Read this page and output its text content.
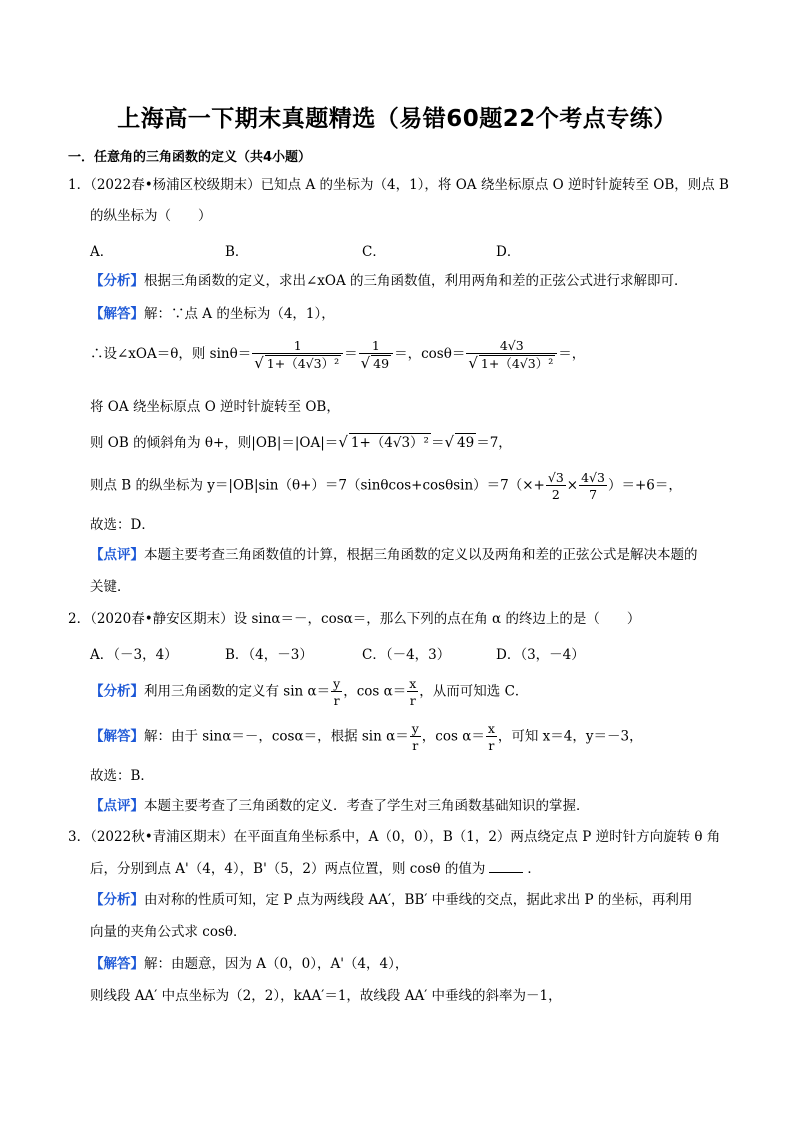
上海高一下期末真题精选（易错60题22个考点专练）
一．任意角的三角函数的定义（共4小题）
1．（2022春•杨浦区校级期末）已知点 A 的坐标为（4，1），将 OA 绕坐标原点 O 逆时针旋转至 OB，则点 B
的纵坐标为（　　）
A．	B．	C．	D．
【分析】根据三角函数的定义，求出∠xOA 的三角函数值，利用两角和差的正弦公式进行求解即可．
【解答】解：∵点 A 的坐标为（4，1），
∴设∠xOA＝θ，则 $\sin\theta= \frac{1}{\text{√ 1+（4√3）²}} = \frac{1}{√ 49}$ ＝，$\cos\theta= \frac{4√3}{\text{√ 1+（4√3）²}}$ ＝，
将 OA 绕坐标原点 O 逆时针旋转至 OB，
则 OB 的倾斜角为 θ+，则|OB|＝|OA|＝√ 1+（4√3）² ＝√ 49 ＝7，
则点 B 的纵坐标为 $y=|OB|\sin(\theta+)=7(\sin\theta\cos+\cos\theta\sin)=7(\times+ \frac{√3}{2} \times \frac{4√3}{7} )=+6=$，
故选：D．
【点评】本题主要考查三角函数值的计算，根据三角函数的定义以及两角和差的正弦公式是解决本题的
关键．
2．（2020春•静安区期末）设 sinα＝－，cosα＝，那么下列的点在角 α 的终边上的是（　　）
A．（－3，4）	B．（4，－3）	C．（－4，3）	D．（3，－4）
【分析】利用三角函数的定义有 $\sin \alpha= \frac{y}{r}$ ，$\cos \alpha= \frac{x}{r}$ ，从而可知选 C．
【解答】解：由于 sinα＝－，cosα＝，根据 $\sin \alpha= \frac{y}{r}$ ，$\cos \alpha= \frac{x}{r}$ ，可知 x＝4，y＝－3，
故选：B．
【点评】本题主要考查了三角函数的定义．考查了学生对三角函数基础知识的掌握．
3．（2022秋•青浦区期末）在平面直角坐标系中，A（0，0），B（1，2）两点绕定点 P 逆时针方向旋转 θ 角
后，分别到点 A'（4，4），B'（5，2）两点位置，则 cosθ 的值为	．
【分析】由对称的性质可知，定 P 点为两线段 AA′，BB′ 中垂线的交点，据此求出 P 的坐标，再利用
向量的夹角公式求 cosθ．
【解答】解：由题意，因为 A（0，0），A'（4，4），
则线段 AA′ 中点坐标为（2，2），kAA′＝1，故线段 AA′ 中垂线的斜率为－1，
